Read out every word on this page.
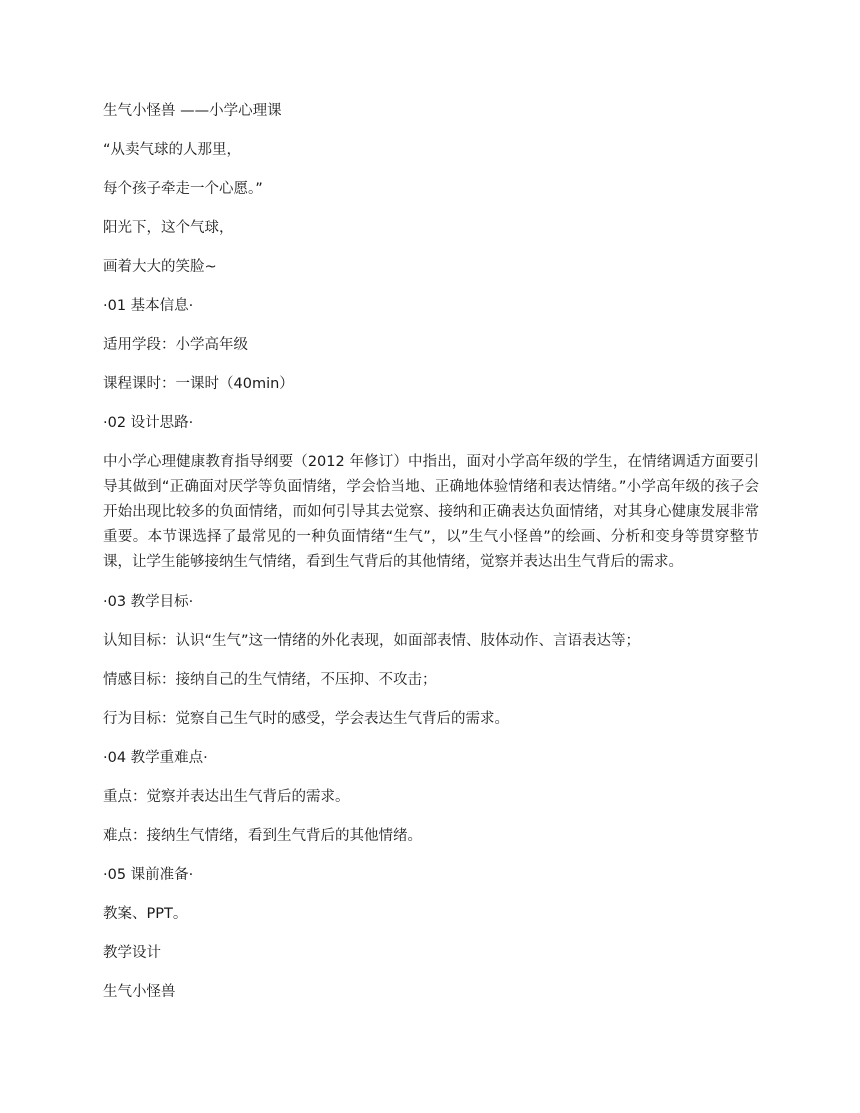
生气小怪兽 ——小学心理课

“从卖气球的人那里，

每个孩子牵走一个心愿。”

阳光下，这个气球，

画着大大的笑脸~

·01 基本信息·

适用学段：小学高年级

课程课时：一课时（40min）

·02 设计思路·

中小学心理健康教育指导纲要（2012 年修订）中指出，面对小学高年级的学生，在情绪调适方面要引导其做到“正确面对厌学等负面情绪，学会恰当地、正确地体验情绪和表达情绪。”小学高年级的孩子会开始出现比较多的负面情绪，而如何引导其去觉察、接纳和正确表达负面情绪，对其身心健康发展非常重要。本节课选择了最常见的一种负面情绪“生气”，以”生气小怪兽”的绘画、分析和变身等贯穿整节课，让学生能够接纳生气情绪，看到生气背后的其他情绪，觉察并表达出生气背后的需求。

·03 教学目标·

认知目标：认识“生气”这一情绪的外化表现，如面部表情、肢体动作、言语表达等；

情感目标：接纳自己的生气情绪，不压抑、不攻击；

行为目标：觉察自己生气时的感受，学会表达生气背后的需求。

·04 教学重难点·

重点：觉察并表达出生气背后的需求。

难点：接纳生气情绪，看到生气背后的其他情绪。

·05 课前准备·

教案、PPT。

教学设计

生气小怪兽
